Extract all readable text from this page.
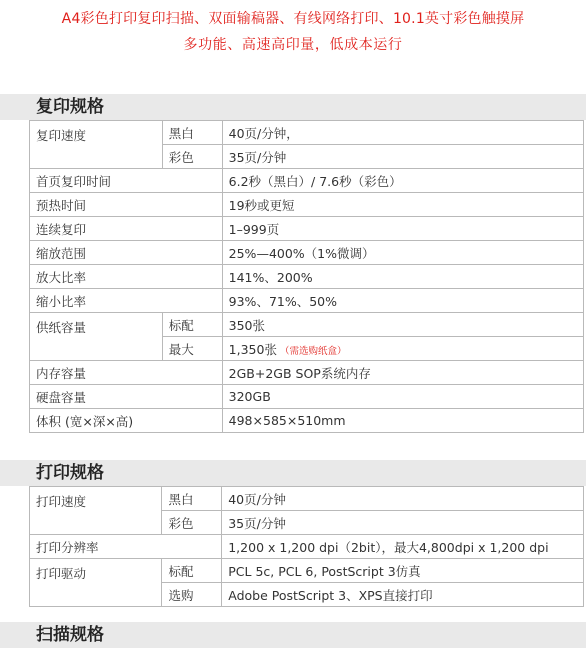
A4彩色打印复印扫描、双面输稿器、有线网络打印、10.1英寸彩色触摸屏
多功能、高速高印量，低成本运行
复印规格
复印速度	黑白	40页/分钟，
	彩色	35页/分钟
首页复印时间		6.2秒（黑白）/ 7.6秒（彩色）
预热时间		19秒或更短
连续复印		1–999页
缩放范围		25%—400%（1%微调）
放大比率		141%、200%
缩小比率		93%、71%、50%
供纸容量	标配	350张
	最大	1,350张 （需选购纸盒）
内存容量		2GB+2GB SOP系统内存
硬盘容量		320GB
体积 (宽×深×高)		498×585×510mm
打印规格
打印速度	黑白	40页/分钟
	彩色	35页/分钟
打印分辨率		1,200 x 1,200 dpi（2bit），最大4,800dpi x 1,200 dpi
打印驱动	标配	PCL 5c, PCL 6, PostScript 3仿真
	选购	Adobe PostScript 3、XPS直接打印
扫描规格
